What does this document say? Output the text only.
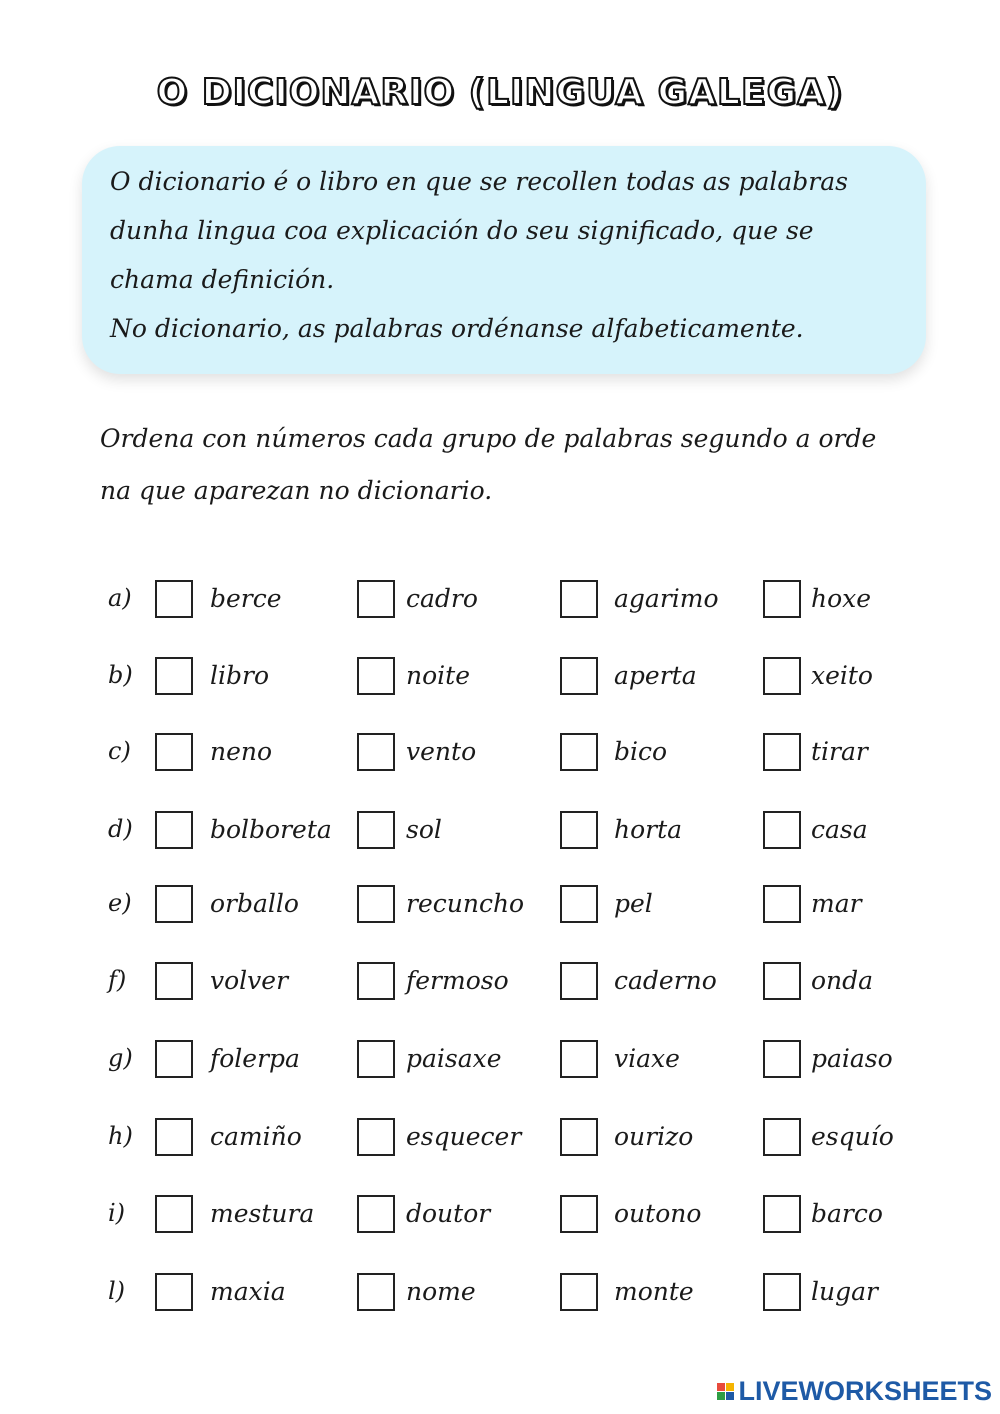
O DICIONARIO (LINGUA GALEGA)
O dicionario é o libro en que se recollen todas as palabras
dunha lingua coa explicación do seu significado, que se
chama definición.
No dicionario, as palabras ordénanse alfabeticamente.
Ordena con números cada grupo de palabras segundo a orde
na que aparezan no dicionario.
a)	berce	cadro	agarimo	hoxe
b)	libro	noite	aperta	xeito
c)	neno	vento	bico	tirar
d)	bolboreta	sol	horta	casa
e)	orballo	recuncho	pel	mar
f)	volver	fermoso	caderno	onda
g)	folerpa	paisaxe	viaxe	paiaso
h)	camiño	esquecer	ourizo	esquío
i)	mestura	doutor	outono	barco
l)	maxia	nome	monte	lugar
LIVEWORKSHEETS
